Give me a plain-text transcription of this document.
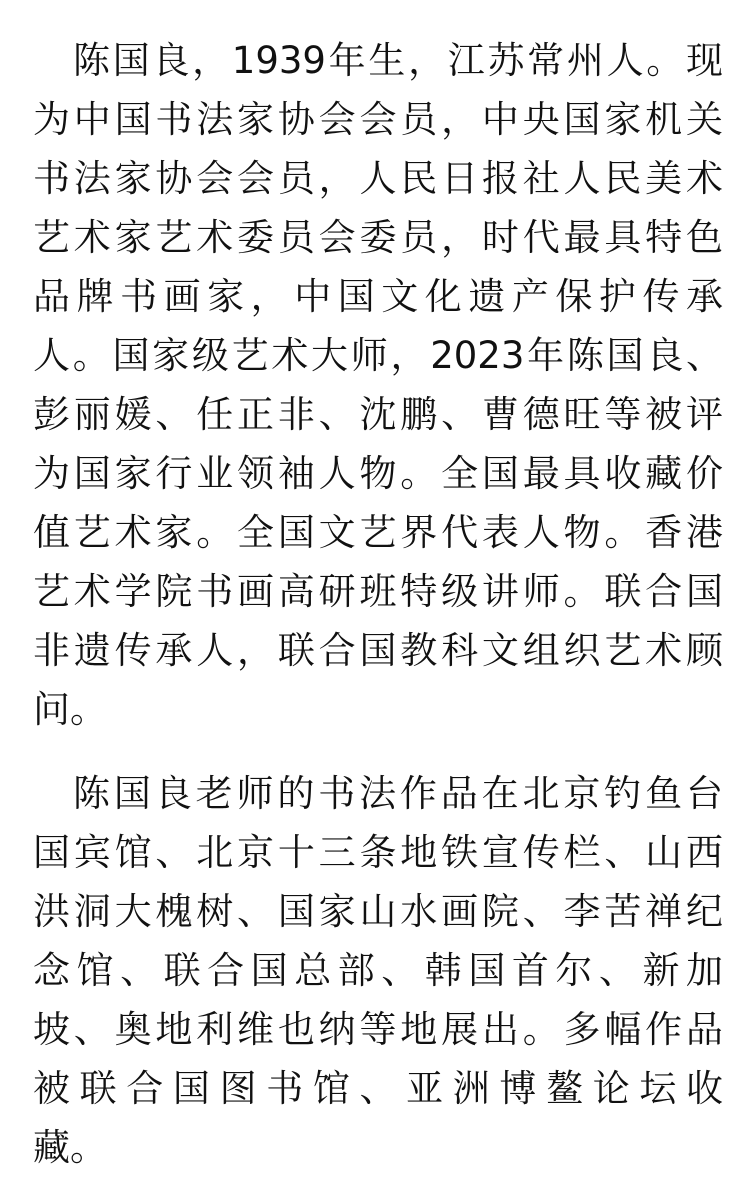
陈国良，1939年生，江苏常州人。现
为中国书法家协会会员，中央国家机关
书法家协会会员，人民日报社人民美术
艺术家艺术委员会委员，时代最具特色
品牌书画家，中国文化遗产保护传承
人。国家级艺术大师，2023年陈国良、
彭丽媛、任正非、沈鹏、曹德旺等被评
为国家行业领袖人物。全国最具收藏价
值艺术家。全国文艺界代表人物。香港
艺术学院书画高研班特级讲师。联合国
非遗传承人，联合国教科文组织艺术顾
问。
陈国良老师的书法作品在北京钓鱼台
国宾馆、北京十三条地铁宣传栏、山西
洪洞大槐树、国家山水画院、李苦禅纪
念馆、联合国总部、韩国首尔、新加
坡、奥地利维也纳等地展出。多幅作品
被联合国图书馆、亚洲博鳌论坛收
藏。
